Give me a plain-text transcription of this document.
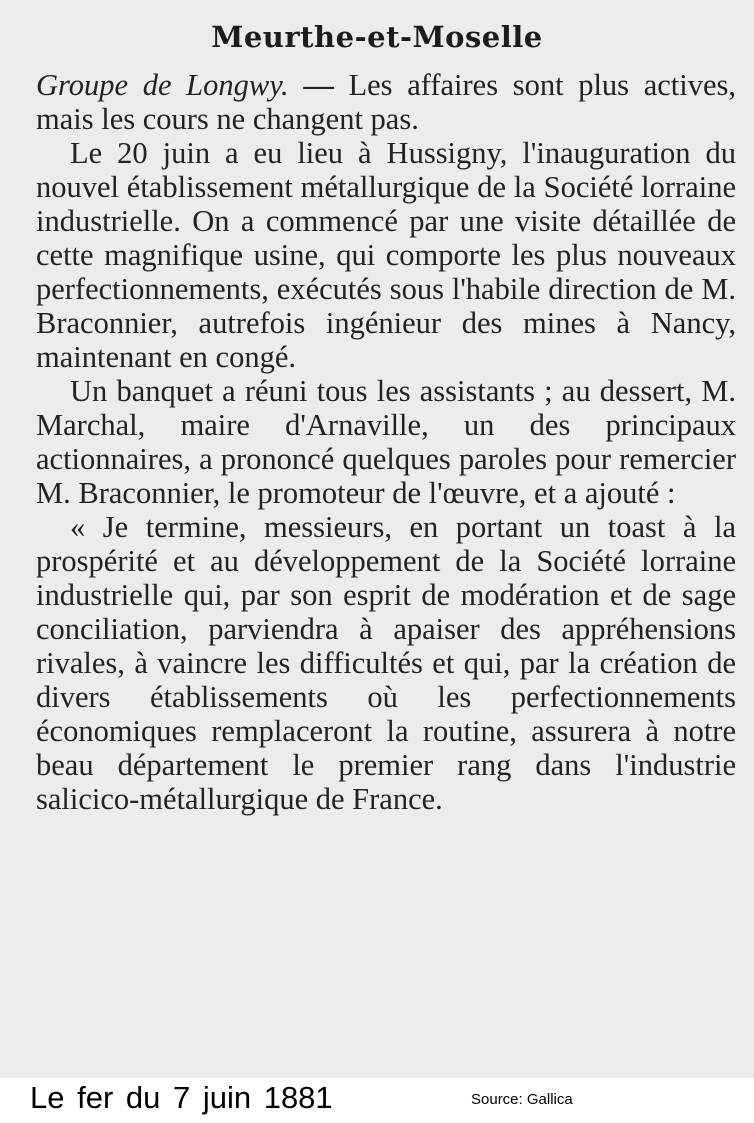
Meurthe-et-Moselle

Groupe de Longwy. — Les affaires sont plus actives, mais les cours ne changent pas.

Le 20 juin a eu lieu à Hussigny, l'inauguration du nouvel établissement métallurgique de la Société lorraine industrielle. On a commencé par une visite détaillée de cette magnifique usine, qui comporte les plus nouveaux perfectionnements, exécutés sous l'habile direction de M. Braconnier, autrefois ingénieur des mines à Nancy, maintenant en congé.

Un banquet a réuni tous les assistants ; au dessert, M. Marchal, maire d'Arnaville, un des principaux actionnaires, a prononcé quelques paroles pour remercier M. Braconnier, le promoteur de l'œuvre, et a ajouté :

« Je termine, messieurs, en portant un toast à la prospérité et au développement de la Société lorraine industrielle qui, par son esprit de modération et de sage conciliation, parviendra à apaiser des appréhensions rivales, à vaincre les difficultés et qui, par la création de divers établissements où les perfectionnements économiques remplaceront la routine, assurera à notre beau département le premier rang dans l'industrie salicico-métallurgique de France.

Le fer du 7 juin 1881	Source: Gallica
